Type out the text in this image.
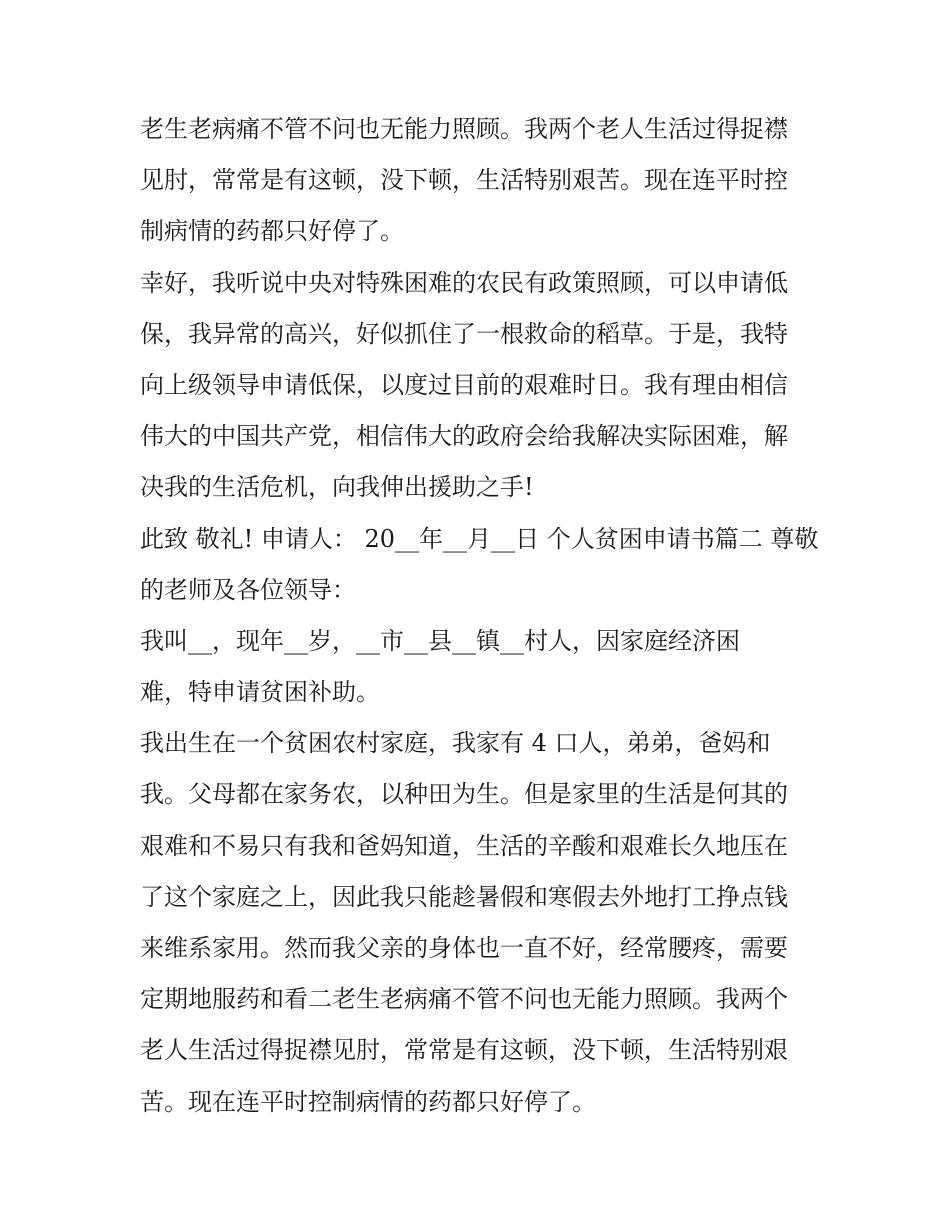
老生老病痛不管不问也无能力照顾。我两个老人生活过得捉襟
见肘，常常是有这顿，没下顿，生活特别艰苦。现在连平时控
制病情的药都只好停了。
幸好，我听说中央对特殊困难的农民有政策照顾，可以申请低
保，我异常的高兴，好似抓住了一根救命的稻草。于是，我特
向上级领导申请低保，以度过目前的艰难时日。我有理由相信
伟大的中国共产党，相信伟大的政府会给我解决实际困难，解
决我的生活危机，向我伸出援助之手!
此致 敬礼! 申请人： 20__年__月__日 个人贫困申请书篇二 尊敬
的老师及各位领导：
我叫__，现年__岁，__市__县__镇__村人，因家庭经济困
难，特申请贫困补助。
我出生在一个贫困农村家庭，我家有 4 口人，弟弟，爸妈和
我。父母都在家务农，以种田为生。但是家里的生活是何其的
艰难和不易只有我和爸妈知道，生活的辛酸和艰难长久地压在
了这个家庭之上，因此我只能趁暑假和寒假去外地打工挣点钱
来维系家用。然而我父亲的身体也一直不好，经常腰疼，需要
定期地服药和看二老生老病痛不管不问也无能力照顾。我两个
老人生活过得捉襟见肘，常常是有这顿，没下顿，生活特别艰
苦。现在连平时控制病情的药都只好停了。
